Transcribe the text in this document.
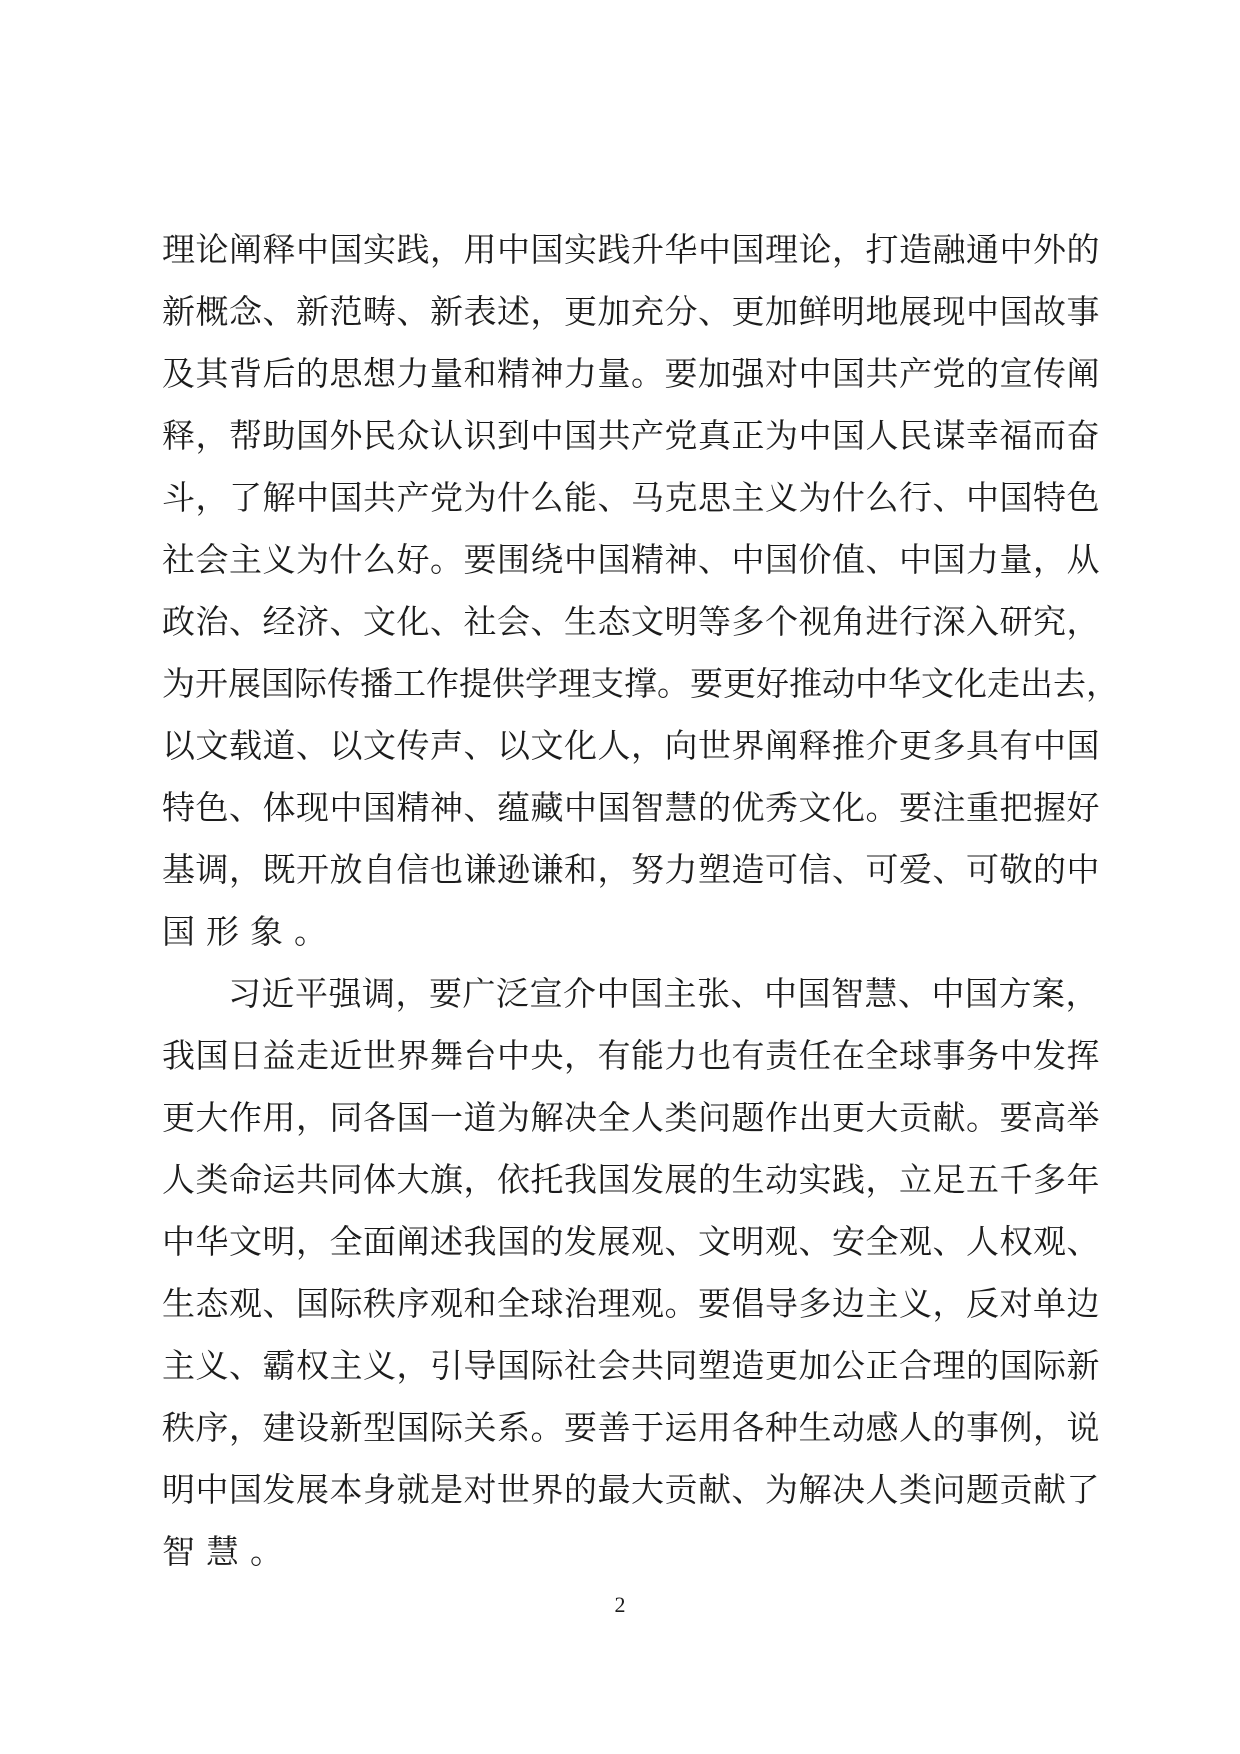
理论阐释中国实践，用中国实践升华中国理论，打造融通中外的
新概念、新范畴、新表述，更加充分、更加鲜明地展现中国故事
及其背后的思想力量和精神力量。要加强对中国共产党的宣传阐
释，帮助国外民众认识到中国共产党真正为中国人民谋幸福而奋
斗，了解中国共产党为什么能、马克思主义为什么行、中国特色
社会主义为什么好。要围绕中国精神、中国价值、中国力量，从
政治、经济、文化、社会、生态文明等多个视角进行深入研究，
为开展国际传播工作提供学理支撑。要更好推动中华文化走出去，
以文载道、以文传声、以文化人，向世界阐释推介更多具有中国
特色、体现中国精神、蕴藏中国智慧的优秀文化。要注重把握好
基调，既开放自信也谦逊谦和，努力塑造可信、可爱、可敬的中
国形象。
习近平强调，要广泛宣介中国主张、中国智慧、中国方案，
我国日益走近世界舞台中央，有能力也有责任在全球事务中发挥
更大作用，同各国一道为解决全人类问题作出更大贡献。要高举
人类命运共同体大旗，依托我国发展的生动实践，立足五千多年
中华文明，全面阐述我国的发展观、文明观、安全观、人权观、
生态观、国际秩序观和全球治理观。要倡导多边主义，反对单边
主义、霸权主义，引导国际社会共同塑造更加公正合理的国际新
秩序，建设新型国际关系。要善于运用各种生动感人的事例，说
明中国发展本身就是对世界的最大贡献、为解决人类问题贡献了
智慧。
2
